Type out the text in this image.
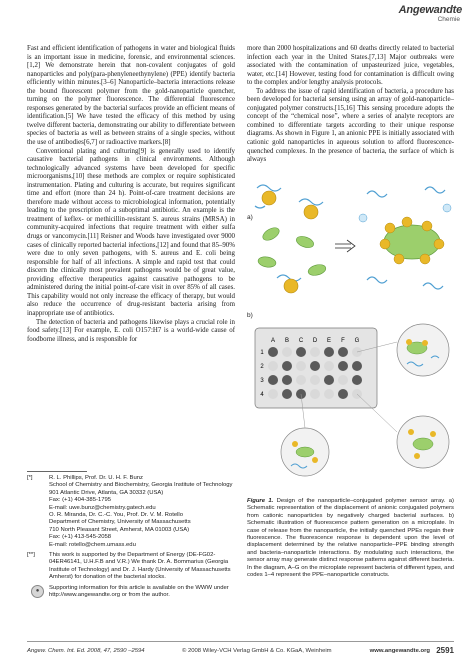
Angewandte
Chemie

Fast and efficient identification of pathogens in water and biological fluids is an important issue in medicine, forensic, and environmental sciences.[1,2] We demonstrate herein that non-covalent conjugates of gold nanoparticles and poly(para-phenyleneethynylene) (PPE) identify bacteria efficiently within minutes.[3–6] Nanoparticle–bacteria interactions release the bound fluorescent polymer from the gold-nanoparticle quencher, turning on the polymer fluorescence. The differential fluorescence responses generated by the bacterial surfaces provide an efficient means of identification.[5] We have tested the efficacy of this method by using twelve different bacteria, demonstrating our ability to differentiate between species of bacteria as well as between strains of a single species, without the use of antibodies[6,7] or radioactive markers.[8]

Conventional plating and culturing[9] is generally used to identify causative bacterial pathogens in clinical environments. Although technologically advanced systems have been developed for specific microorganisms,[10] these methods are complex or require sophisticated instrumentation. Plating and culturing is accurate, but requires significant time and effort (more than 24 h). Point-of-care treatment decisions are therefore made without access to microbiological information, potentially leading to the prescription of a suboptimal antibiotic. An example is the treatment of keflex- or methicillin-resistant S. aureus strains (MRSA) in community-acquired infections that require treatment with either sulfa drugs or vancomycin.[11] Reisner and Woods have investigated over 9000 cases of clinically reported bacterial infections,[12] and found that 85–90% were due to only seven pathogens, with S. aureus and E. coli being responsible for half of all infections. A simple and rapid test that could discern the clinically most prevalent pathogens would be of great value, providing effective therapeutics against causative pathogens to be administered during the initial point-of-care visit in over 85% of all cases. This capability would not only increase the efficacy of therapy, but would also reduce the occurrence of drug-resistant bacteria arising from inappropriate use of antibiotics.

The detection of bacteria and pathogens likewise plays a crucial role in food safety.[13] For example, E. coli O157:H7 is a world-wide cause of foodborne illness, and is responsible for

more than 2000 hospitalizations and 60 deaths directly related to bacterial infection each year in the United States.[7,13] Major outbreaks were associated with the contamination of unpasteurized juice, vegetables, water, etc.[14] However, testing food for contamination is difficult owing to the complex and/or lengthy analysis protocols.

To address the issue of rapid identification of bacteria, a procedure has been developed for bacterial sensing using an array of gold-nanoparticle–conjugated polymer constructs.[15,16] This sensing procedure adopts the concept of the “chemical nose”, where a series of analyte receptors are combined to differentiate targets according to their unique response diagrams. As shown in Figure 1, an anionic PPE is initially associated with cationic gold nanoparticles in aqueous solution to afford fluorescence-quenched complexes. In the presence of bacteria, the surface of which is always

a)
b)
A B C D E F G
1
2
3
4
Figure 1. Design of the nanoparticle–conjugated polymer sensor array. a) Schematic representation of the displacement of anionic conjugated polymers from cationic nanoparticles by negatively charged bacterial surfaces. b) Schematic illustration of fluorescence pattern generation on a microplate. In case of release from the nanoparticle, the initially quenched PPEs regain their fluorescence. The fluorescence response is dependent upon the level of displacement determined by the relative nanoparticle–PPE binding strength and bacteria–nanoparticle interactions. By modulating such interactions, the sensor array may generate distinct response patterns against different bacteria. In the diagram, A–G on the microplate represent bacteria of different types, and codes 1–4 represent the PPE–nanoparticle constructs.
[*]	R. L. Phillips, Prof. Dr. U. H. F. Bunz
School of Chemistry and Biochemistry, Georgia Institute of Technology
901 Atlantic Drive, Atlanta, GA 30332 (USA)
Fax: (+1) 404-385-1795
E-mail: uwe.bunz@chemistry.gatech.edu
O. R. Miranda, Dr. C.-C. You, Prof. Dr. V. M. Rotello
Department of Chemistry, University of Massachusetts
710 North Pleasant Street, Amherst, MA 01003 (USA)
Fax: (+1) 413-545-2058
E-mail: rotello@chem.umass.edu
[**] This work is supported by the Department of Energy (DE-FG02-04ER46141, U.H.F.B and V.R.) We thank Dr. A. Bommarius (Georgia Institute of Technology) and Dr. J. Hardy (University of Massachusetts Amherst) for donation of the bacterial stocks.
●	Supporting information for this article is available on the WWW under http://www.angewandte.org or from the author.
Angew. Chem. Int. Ed. 2008, 47, 2590 –2594	© 2008 Wiley-VCH Verlag GmbH & Co. KGaA, Weinheim	www.angewandte.org 2591
